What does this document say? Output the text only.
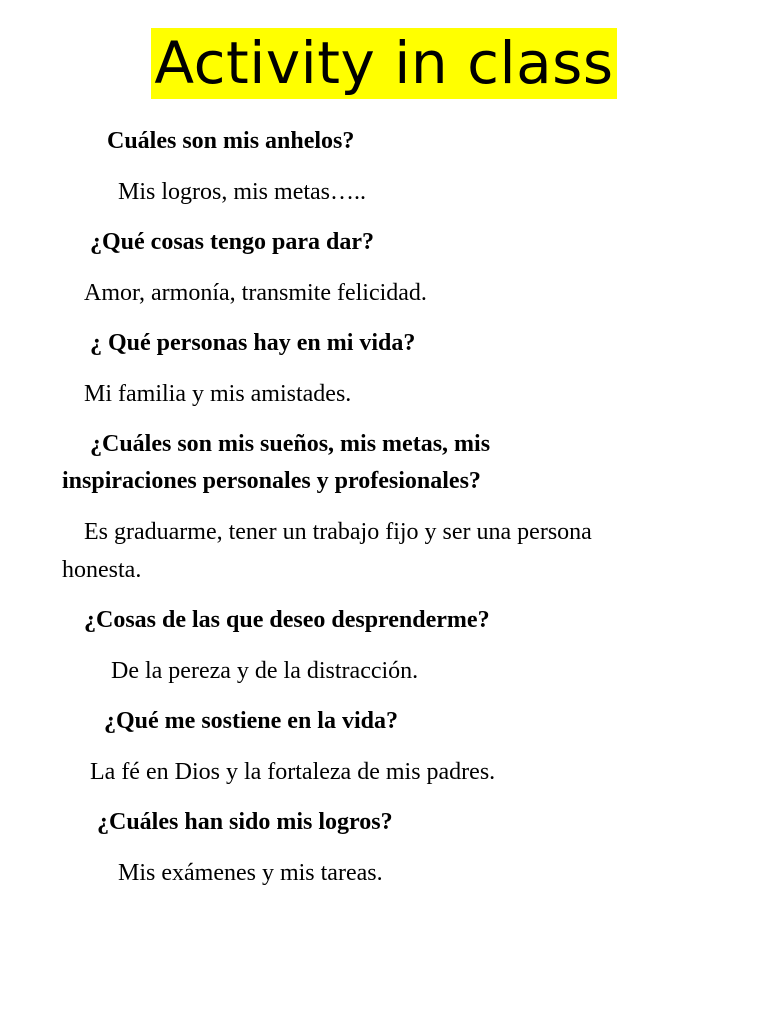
Activity in class

Cuáles son mis anhelos?

Mis logros, mis metas…..

¿Qué cosas tengo para dar?

Amor, armonía, transmite felicidad.

¿ Qué personas hay en mi vida?

Mi familia y mis amistades.

¿Cuáles son mis sueños, mis metas, mis

inspiraciones personales y profesionales?

Es graduarme, tener un trabajo fijo y ser una persona

honesta.

¿Cosas de las que deseo desprenderme?

De la pereza y de la distracción.

¿Qué me sostiene en la vida?

La fé en Dios y la fortaleza de mis padres.

¿Cuáles han sido mis logros?

Mis exámenes y mis tareas.
